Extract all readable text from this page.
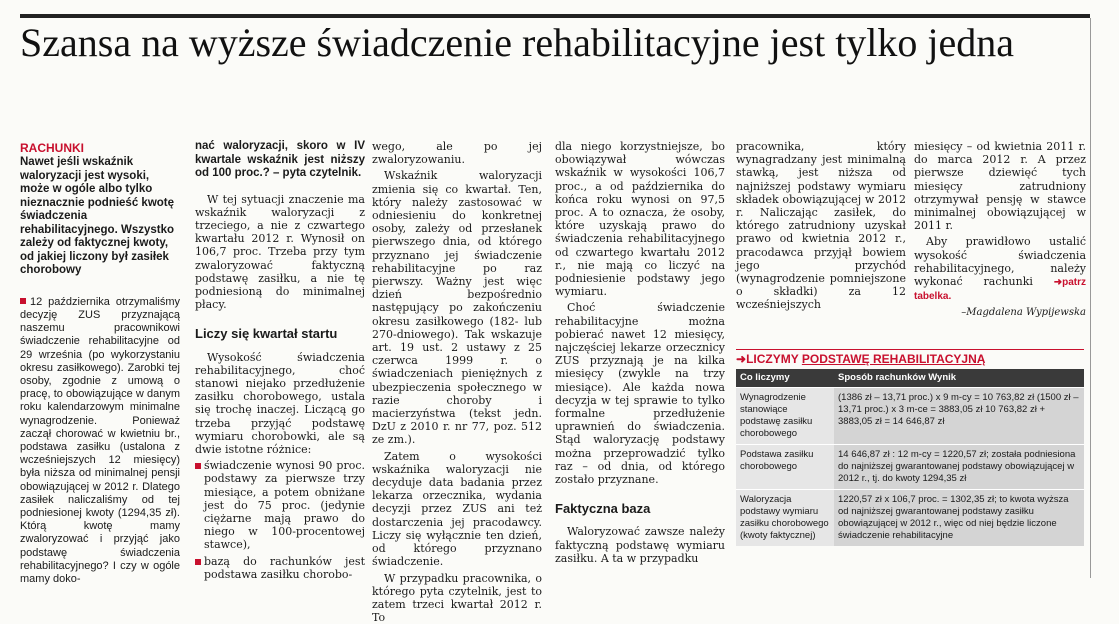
Szansa na wyższe świadczenie rehabilitacyjne jest tylko jedna
RACHUNKI
Nawet jeśli wskaźnik waloryzacji jest wysoki, może w ogóle albo tylko nieznacznie podnieść kwotę świadczenia rehabilitacyjnego. Wszystko zależy od faktycznej kwoty, od jakiej liczony był zasiłek chorobowy
12 października otrzymaliśmy decyzję ZUS przyznającą naszemu pracownikowi świadczenie rehabilitacyjne od 29 września (po wykorzystaniu okresu zasiłkowego). Zarobki tej osoby, zgodnie z umową o pracę, to obowiązujące w danym roku kalendarzowym minimalne wynagrodzenie. Ponieważ zaczął chorować w kwietniu br., podstawa zasiłku (ustalona z wcześniejszych 12 miesięcy) była niższa od minimalnej pensji obowiązującej w 2012 r. Dlatego zasiłek naliczaliśmy od tej podniesionej kwoty (1294,35 zł). Którą kwotę mamy zwaloryzować i przyjąć jako podstawę świadczenia rehabilitacyjnego? I czy w ogóle mamy doko-
nać waloryzacji, skoro w IV kwartale wskaźnik jest niższy od 100 proc.? – pyta czytelnik.

W tej sytuacji znaczenie ma wskaźnik waloryzacji z trzeciego, a nie z czwartego kwartału 2012 r. Wynosił on 106,7 proc. Trzeba przy tym zwaloryzować faktyczną podstawę zasiłku, a nie tę podniesioną do minimalnej płacy.

Liczy się kwartał startu

Wysokość świadczenia rehabilitacyjnego, choć stanowi niejako przedłużenie zasiłku chorobowego, ustala się trochę inaczej. Liczącą go trzeba przyjąć podstawę wymiaru chorobowki, ale są dwie istotne różnice:

świadczenie wynosi 90 proc. podstawy za pierwsze trzy miesiące, a potem obniżane jest do 75 proc. (jedynie ciężarne mają prawo do niego w 100-procentowej stawce),

bazą do rachunków jest podstawa zasiłku chorobo-

wego, ale po jej zwaloryzowaniu.

Wskaźnik waloryzacji zmienia się co kwartał. Ten, który należy zastosować w odniesieniu do konkretnej osoby, zależy od przesłanek pierwszego dnia, od którego przyznano jej świadczenie rehabilitacyjne po raz pierwszy. Ważny jest więc dzień bezpośrednio następujący po zakończeniu okresu zasiłkowego (182- lub 270-dniowego). Tak wskazuje art. 19 ust. 2 ustawy z 25 czerwca 1999 r. o świadczeniach pieniężnych z ubezpieczenia społecznego w razie choroby i macierzyństwa (tekst jedn. DzU z 2010 r. nr 77, poz. 512 ze zm.).

Zatem o wysokości wskaźnika waloryzacji nie decyduje data badania przez lekarza orzecznika, wydania decyzji przez ZUS ani też dostarczenia jej pracodawcy. Liczy się wyłącznie ten dzień, od którego przyznano świadczenie.

W przypadku pracownika, o którego pyta czytelnik, jest to zatem trzeci kwartał 2012 r. To

dla niego korzystniejsze, bo obowiązywał wówczas wskaźnik w wysokości 106,7 proc., a od października do końca roku wynosi on 97,5 proc. A to oznacza, że osoby, które uzyskają prawo do świadczenia rehabilitacyjnego od czwartego kwartału 2012 r., nie mają co liczyć na podniesienie podstawy jego wymiaru.

Choć świadczenie rehabilitacyjne można pobierać nawet 12 miesięcy, najczęściej lekarze orzecznicy ZUS przyznają je na kilka miesięcy (zwykle na trzy miesiące). Ale każda nowa decyzja w tej sprawie to tylko formalne przedłużenie uprawnień do świadczenia. Stąd waloryzację podstawy można przeprowadzić tylko raz – od dnia, od którego zostało przyznane.

Faktyczna baza

Waloryzować zawsze należy faktyczną podstawę wymiaru zasiłku. A ta w przypadku

pracownika, który wynagradzany jest minimalną stawką, jest niższa od najniższej podstawy wymiaru składek obowiązującej w 2012 r. Naliczając zasiłek, do którego zatrudniony uzyskał prawo od kwietnia 2012 r., pracodawca przyjął bowiem jego przychód (wynagrodzenie pomniejszone o składki) za 12 wcześniejszych

miesięcy – od kwietnia 2011 r. do marca 2012 r. A przez pierwsze dziewięć tych miesięcy zatrudniony otrzymywał pensję w stawce minimalnej obowiązującej w 2011 r.

Aby prawidłowo ustalić wysokość świadczenia rehabilitacyjnego, należy wykonać rachunki ➜patrz tabelka.

–Magdalena Wypijewska
➜LICZYMY PODSTAWĘ REHABILITACYJNĄ
Co liczymy	Sposób rachunków Wynik
Wynagrodzenie stanowiące podstawę zasiłku chorobowego	(1386 zł – 13,71 proc.) x 9 m-cy = 10 763,82 zł (1500 zł – 13,71 proc.) x 3 m-ce = 3883,05 zł 10 763,82 zł + 3883,05 zł = 14 646,87 zł
Podstawa zasiłku chorobowego	14 646,87 zł : 12 m-cy = 1220,57 zł; została podniesiona do najniższej gwarantowanej podstawy obowiązującej w 2012 r., tj. do kwoty 1294,35 zł
Waloryzacja podstawy wymiaru zasiłku chorobowego (kwoty faktycznej)	1220,57 zł x 106,7 proc. = 1302,35 zł; to kwota wyższa od najniższej gwarantowanej podstawy zasiłku obowiązującej w 2012 r., więc od niej będzie liczone świadczenie rehabilitacyjne
